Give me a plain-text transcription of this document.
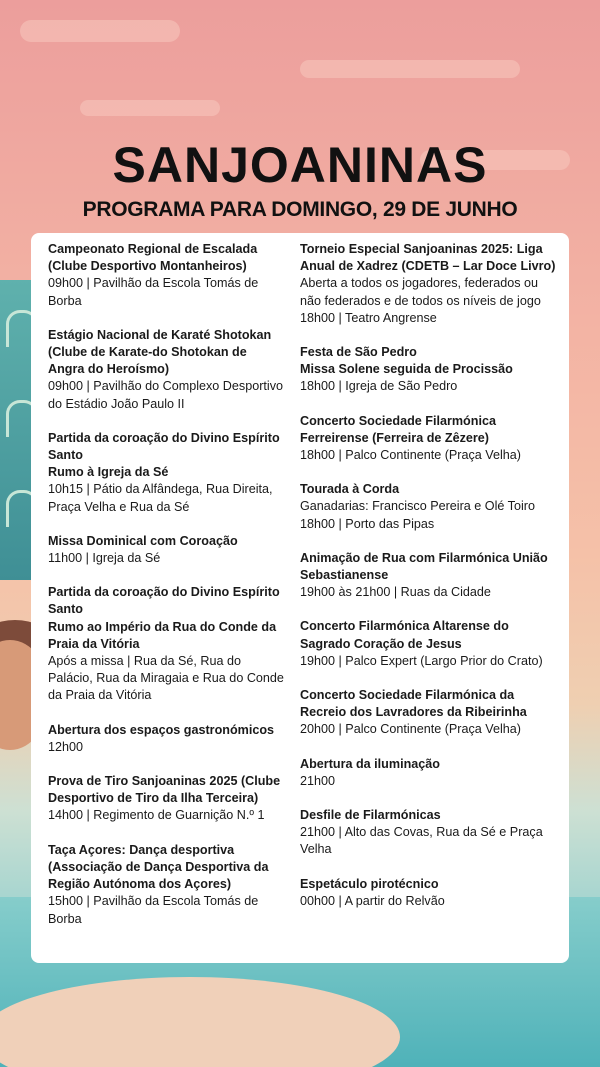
SANJOANINAS
PROGRAMA PARA DOMINGO, 29 DE JUNHO
Campeonato Regional de Escalada (Clube Desportivo Montanheiros)
09h00 | Pavilhão da Escola Tomás de Borba
Estágio Nacional de Karaté Shotokan (Clube de Karate-do Shotokan de Angra do Heroísmo)
09h00 | Pavilhão do Complexo Desportivo do Estádio João Paulo II
Partida da coroação do Divino Espírito Santo
Rumo à Igreja da Sé
10h15 | Pátio da Alfândega, Rua Direita, Praça Velha e Rua da Sé
Missa Dominical com Coroação
11h00 | Igreja da Sé
Partida da coroação do Divino Espírito Santo
Rumo ao Império da Rua do Conde da Praia da Vitória
Após a missa | Rua da Sé, Rua do Palácio, Rua da Miragaia e Rua do Conde da Praia da Vitória
Abertura dos espaços gastronómicos
12h00
Prova de Tiro Sanjoaninas 2025 (Clube Desportivo de Tiro da Ilha Terceira)
14h00 | Regimento de Guarnição N.º 1
Taça Açores: Dança desportiva (Associação de Dança Desportiva da Região Autónoma dos Açores)
15h00 | Pavilhão da Escola Tomás de Borba
Torneio Especial Sanjoaninas 2025: Liga Anual de Xadrez (CDETB – Lar Doce Livro)
Aberta a todos os jogadores, federados ou não federados e de todos os níveis de jogo
18h00 | Teatro Angrense
Festa de São Pedro
Missa Solene seguida de Procissão
18h00 | Igreja de São Pedro
Concerto Sociedade Filarmónica Ferreirense (Ferreira de Zêzere)
18h00 | Palco Continente (Praça Velha)
Tourada à Corda
Ganadarias: Francisco Pereira e Olé Toiro
18h00 | Porto das Pipas
Animação de Rua com Filarmónica União Sebastianense
19h00 às 21h00 | Ruas da Cidade
Concerto Filarmónica Altarense do Sagrado Coração de Jesus
19h00 | Palco Expert (Largo Prior do Crato)
Concerto Sociedade Filarmónica da Recreio dos Lavradores da Ribeirinha
20h00 | Palco Continente (Praça Velha)
Abertura da iluminação
21h00
Desfile de Filarmónicas
21h00 | Alto das Covas, Rua da Sé e Praça Velha
Espetáculo pirotécnico
00h00 | A partir do Relvão
